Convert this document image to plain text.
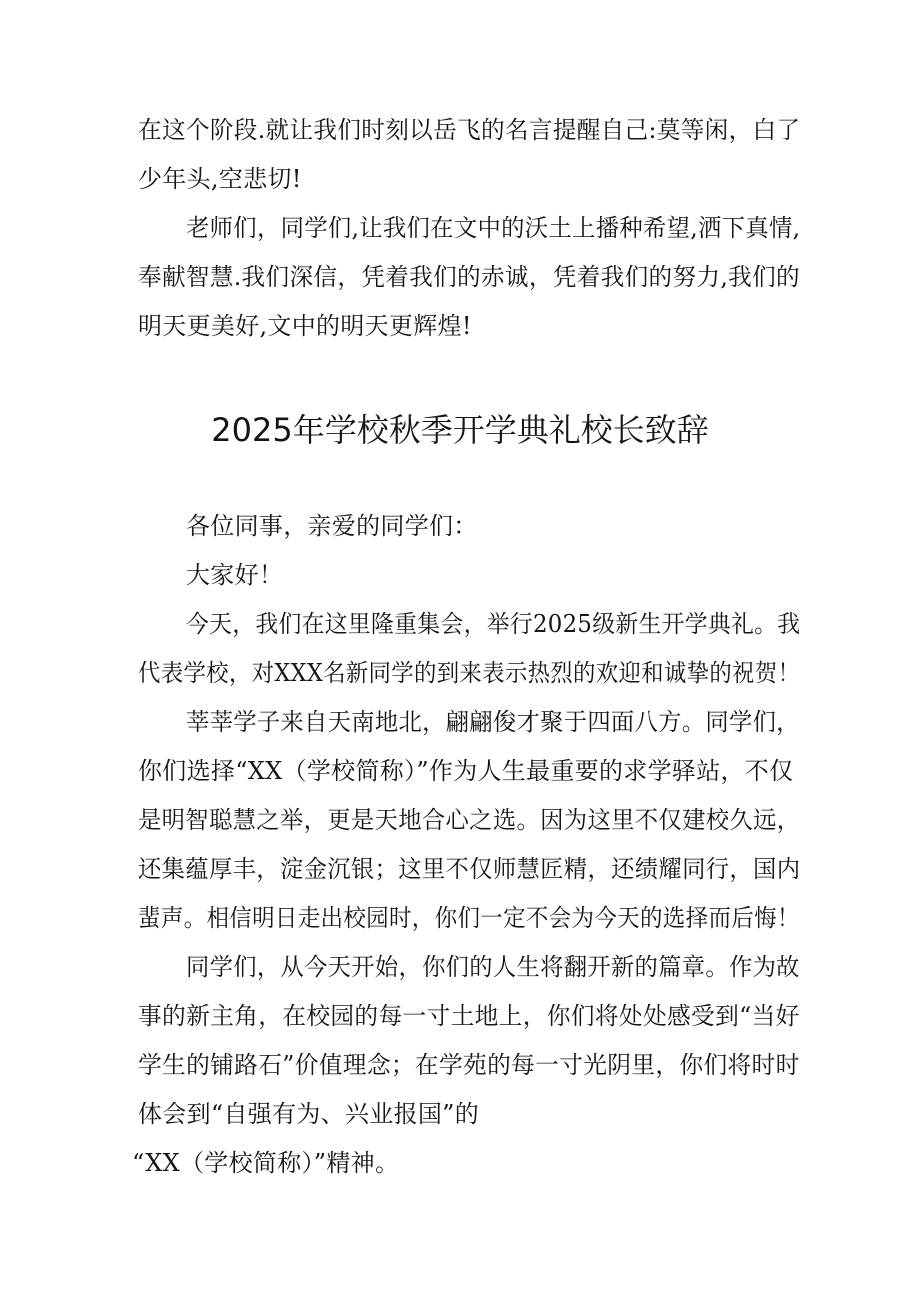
在这个阶段.就让我们时刻以岳飞的名言提醒自己:莫等闲，白了
少年头,空悲切!
老师们，同学们,让我们在文中的沃土上播种希望,洒下真情,
奉献智慧.我们深信，凭着我们的赤诚，凭着我们的努力,我们的
明天更美好,文中的明天更辉煌!
2025年学校秋季开学典礼校长致辞
各位同事，亲爱的同学们：
大家好！
今天，我们在这里隆重集会，举行2025级新生开学典礼。我
代表学校，对XXX名新同学的到来表示热烈的欢迎和诚挚的祝贺！
莘莘学子来自天南地北，翩翩俊才聚于四面八方。同学们，
你们选择“XX（学校简称）”作为人生最重要的求学驿站，不仅
是明智聪慧之举，更是天地合心之选。因为这里不仅建校久远，
还集蕴厚丰，淀金沉银；这里不仅师慧匠精，还绩耀同行，国内
蜚声。相信明日走出校园时，你们一定不会为今天的选择而后悔！
同学们，从今天开始，你们的人生将翻开新的篇章。作为故
事的新主角，在校园的每一寸土地上，你们将处处感受到“当好
学生的铺路石”价值理念；在学苑的每一寸光阴里，你们将时时
体会到“自强有为、兴业报国”的
“XX（学校简称）”精神。
